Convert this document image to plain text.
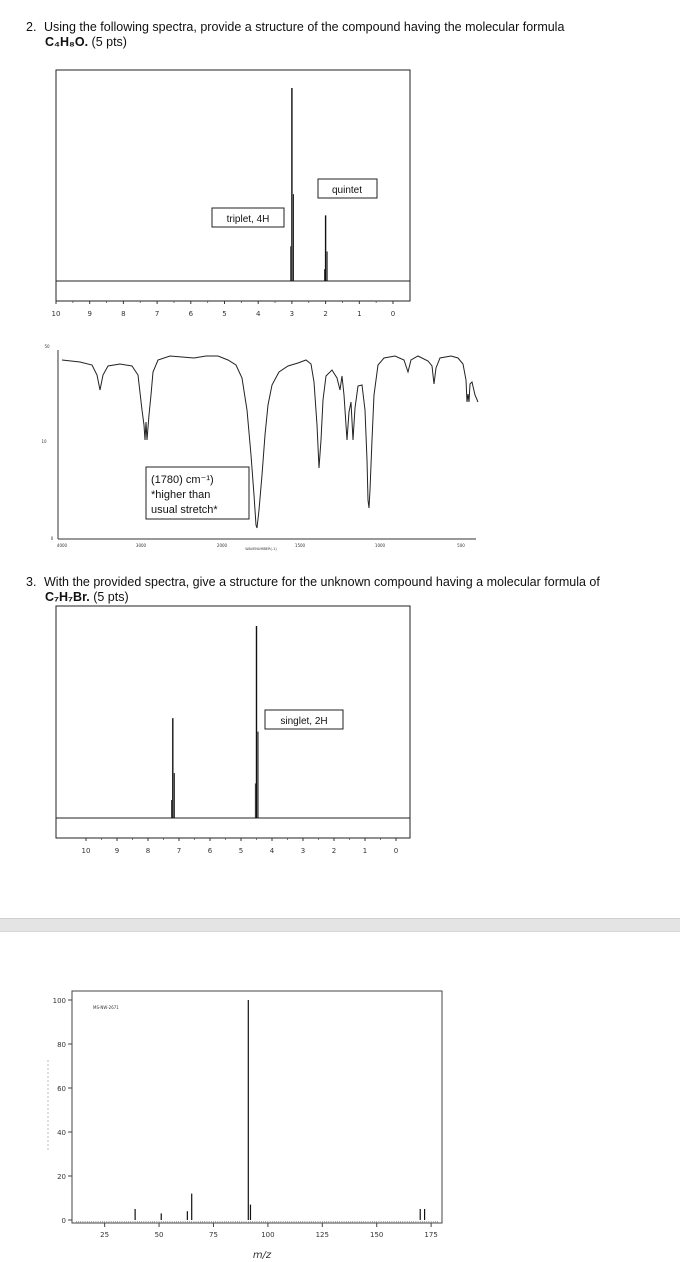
2. Using the following spectra, provide a structure of the compound having the molecular formula
C₄H₈O. (5 pts)
3. With the provided spectra, give a structure for the unknown compound having a molecular formula of
C₇H₇Br. (5 pts)
10	9	8	7	6	5	4	3	2	1	0
triplet, 4H
quintet
50
10
0
(1780) cm⁻¹)
*higher than
usual stretch*
4000	3000	2000
WAVENUMBER(-1)
1500	1000	500
10	9	8	7	6	5	4	3	2	1	0
singlet, 2H
MS-NW-2671
0
20
40
60
80
100
25	50	75	100	125	150	175
m/z
